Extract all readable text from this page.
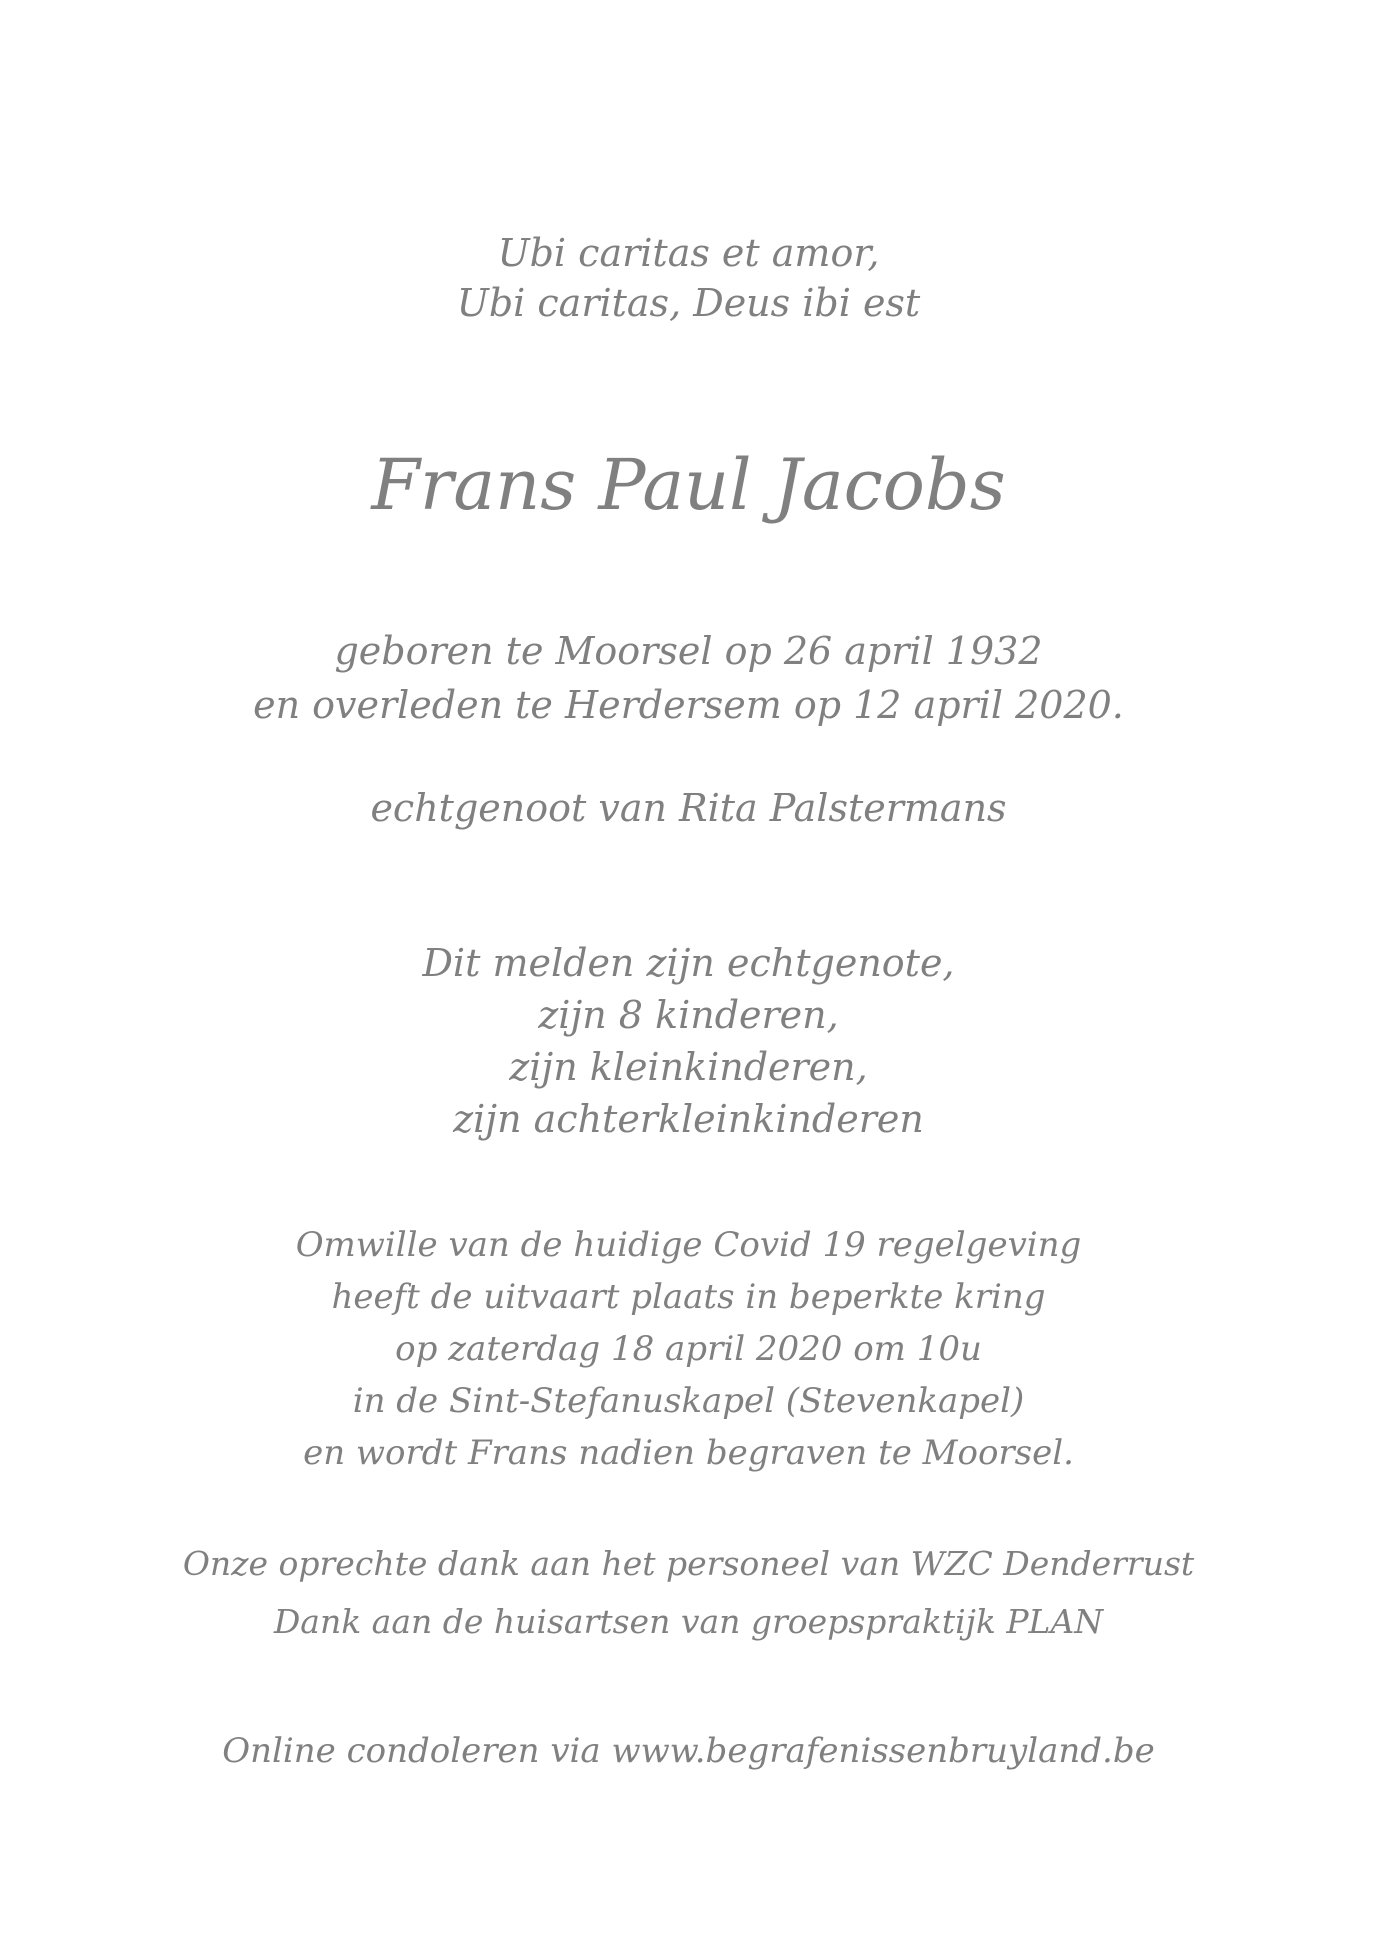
Ubi caritas et amor,
Ubi caritas, Deus ibi est
Frans Paul Jacobs
geboren te Moorsel op 26 april 1932
en overleden te Herdersem op 12 april 2020.
echtgenoot van Rita Palstermans
Dit melden zijn echtgenote,
zijn 8 kinderen,
zijn kleinkinderen,
zijn achterkleinkinderen
Omwille van de huidige Covid 19 regelgeving
heeft de uitvaart plaats in beperkte kring
op zaterdag 18 april 2020 om 10u
in de Sint-Stefanuskapel (Stevenkapel)
en wordt Frans nadien begraven te Moorsel.
Onze oprechte dank aan het personeel van WZC Denderrust
Dank aan de huisartsen van groepspraktijk PLAN
Online condoleren via www.begrafenissenbruyland.be
